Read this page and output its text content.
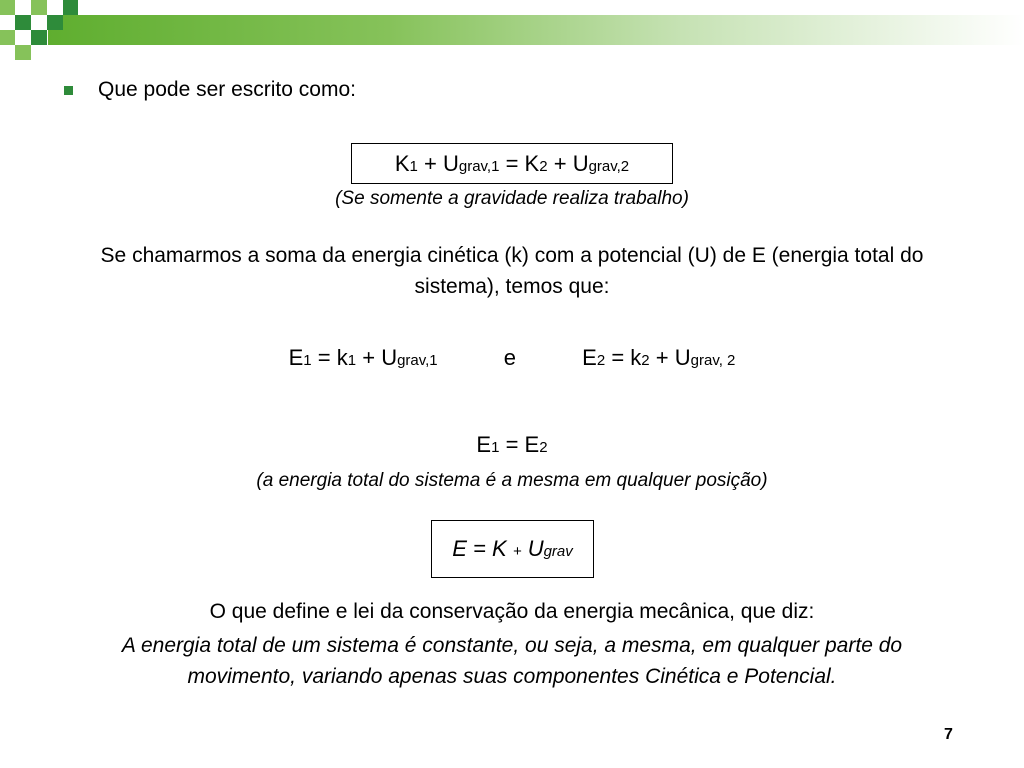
Que pode ser escrito como:
K1 + Ugrav,1 = K2 + Ugrav,2
(Se somente a gravidade realiza trabalho)
Se chamarmos a soma da energia cinética (k) com a potencial (U) de E (energia total do sistema), temos que:
E1 = k1 + Ugrav,1	e	E2 = k2 + Ugrav, 2
E1 = E2
(a energia total do sistema é a mesma em qualquer posição)
E = K + Ugrav
O que define e lei da conservação da energia mecânica, que diz:
A energia total de um sistema é constante, ou seja, a mesma, em qualquer parte do movimento, variando apenas suas componentes Cinética e Potencial.
7
